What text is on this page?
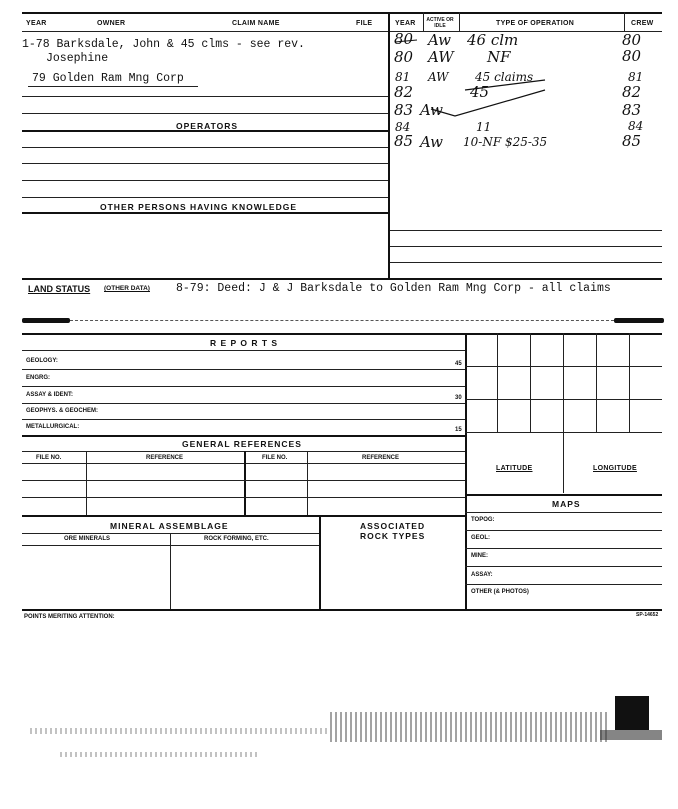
YEAR	OWNER	CLAIM NAME	FILE	YEAR ACTIVE OR IDLE	TYPE OF OPERATION	CREW
1-78 Barksdale, John & 45 clms - see rev.
Josephine
79 Golden Ram Mng Corp
OPERATORS
OTHER PERSONS HAVING KNOWLEDGE
80 Aw 46 clm	80
80 AW NF	80
81 AW 45 claims	81
82	45	82
83 Aw	83
84	11	84
85 Aw 10-NF $25-35	85
LAND STATUS (OTHER DATA) 8-79: Deed: J & J Barksdale to Golden Ram Mng Corp - all claims
R E P O R T S
GEOLOGY:	45
ENGRG:
ASSAY & IDENT:	30
GEOPHYS. & GEOCHEM:
METALLURGICAL:	15
GENERAL REFERENCES
FILE NO.	REFERENCE	FILE NO.	REFERENCE
MINERAL ASSEMBLAGE
ORE MINERALS	ROCK FORMING, ETC.
ASSOCIATED
ROCK TYPES
LATITUDE	LONGITUDE
MAPS
TOPOG:
GEOL:
MINE:
ASSAY:
OTHER (& PHOTOS)
POINTS MERITING ATTENTION:	SP-14652
